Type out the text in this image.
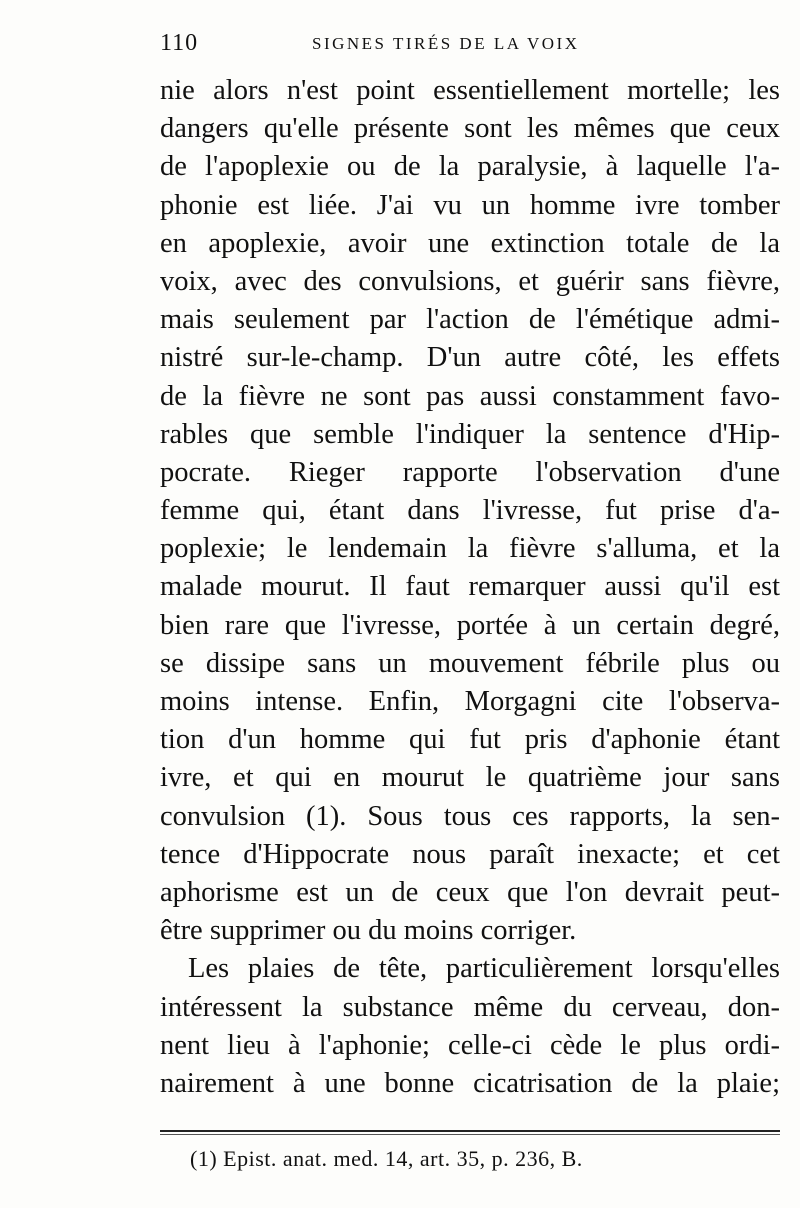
110	SIGNES TIRÉS DE LA VOIX
nie alors n'est point essentiellement mortelle; les
dangers qu'elle présente sont les mêmes que ceux
de l'apoplexie ou de la paralysie, à laquelle l'a-
phonie est liée. J'ai vu un homme ivre tomber
en apoplexie, avoir une extinction totale de la
voix, avec des convulsions, et guérir sans fièvre,
mais seulement par l'action de l'émétique admi-
nistré sur-le-champ. D'un autre côté, les effets
de la fièvre ne sont pas aussi constamment favo-
rables que semble l'indiquer la sentence d'Hip-
pocrate. Rieger rapporte l'observation d'une
femme qui, étant dans l'ivresse, fut prise d'a-
poplexie; le lendemain la fièvre s'alluma, et la
malade mourut. Il faut remarquer aussi qu'il est
bien rare que l'ivresse, portée à un certain degré,
se dissipe sans un mouvement fébrile plus ou
moins intense. Enfin, Morgagni cite l'observa-
tion d'un homme qui fut pris d'aphonie étant
ivre, et qui en mourut le quatrième jour sans
convulsion (1). Sous tous ces rapports, la sen-
tence d'Hippocrate nous paraît inexacte; et cet
aphorisme est un de ceux que l'on devrait peut-
être supprimer ou du moins corriger.
Les plaies de tête, particulièrement lorsqu'elles
intéressent la substance même du cerveau, don-
nent lieu à l'aphonie; celle-ci cède le plus ordi-
nairement à une bonne cicatrisation de la plaie;
(1) Epist. anat. med. 14, art. 35, p. 236, B.
